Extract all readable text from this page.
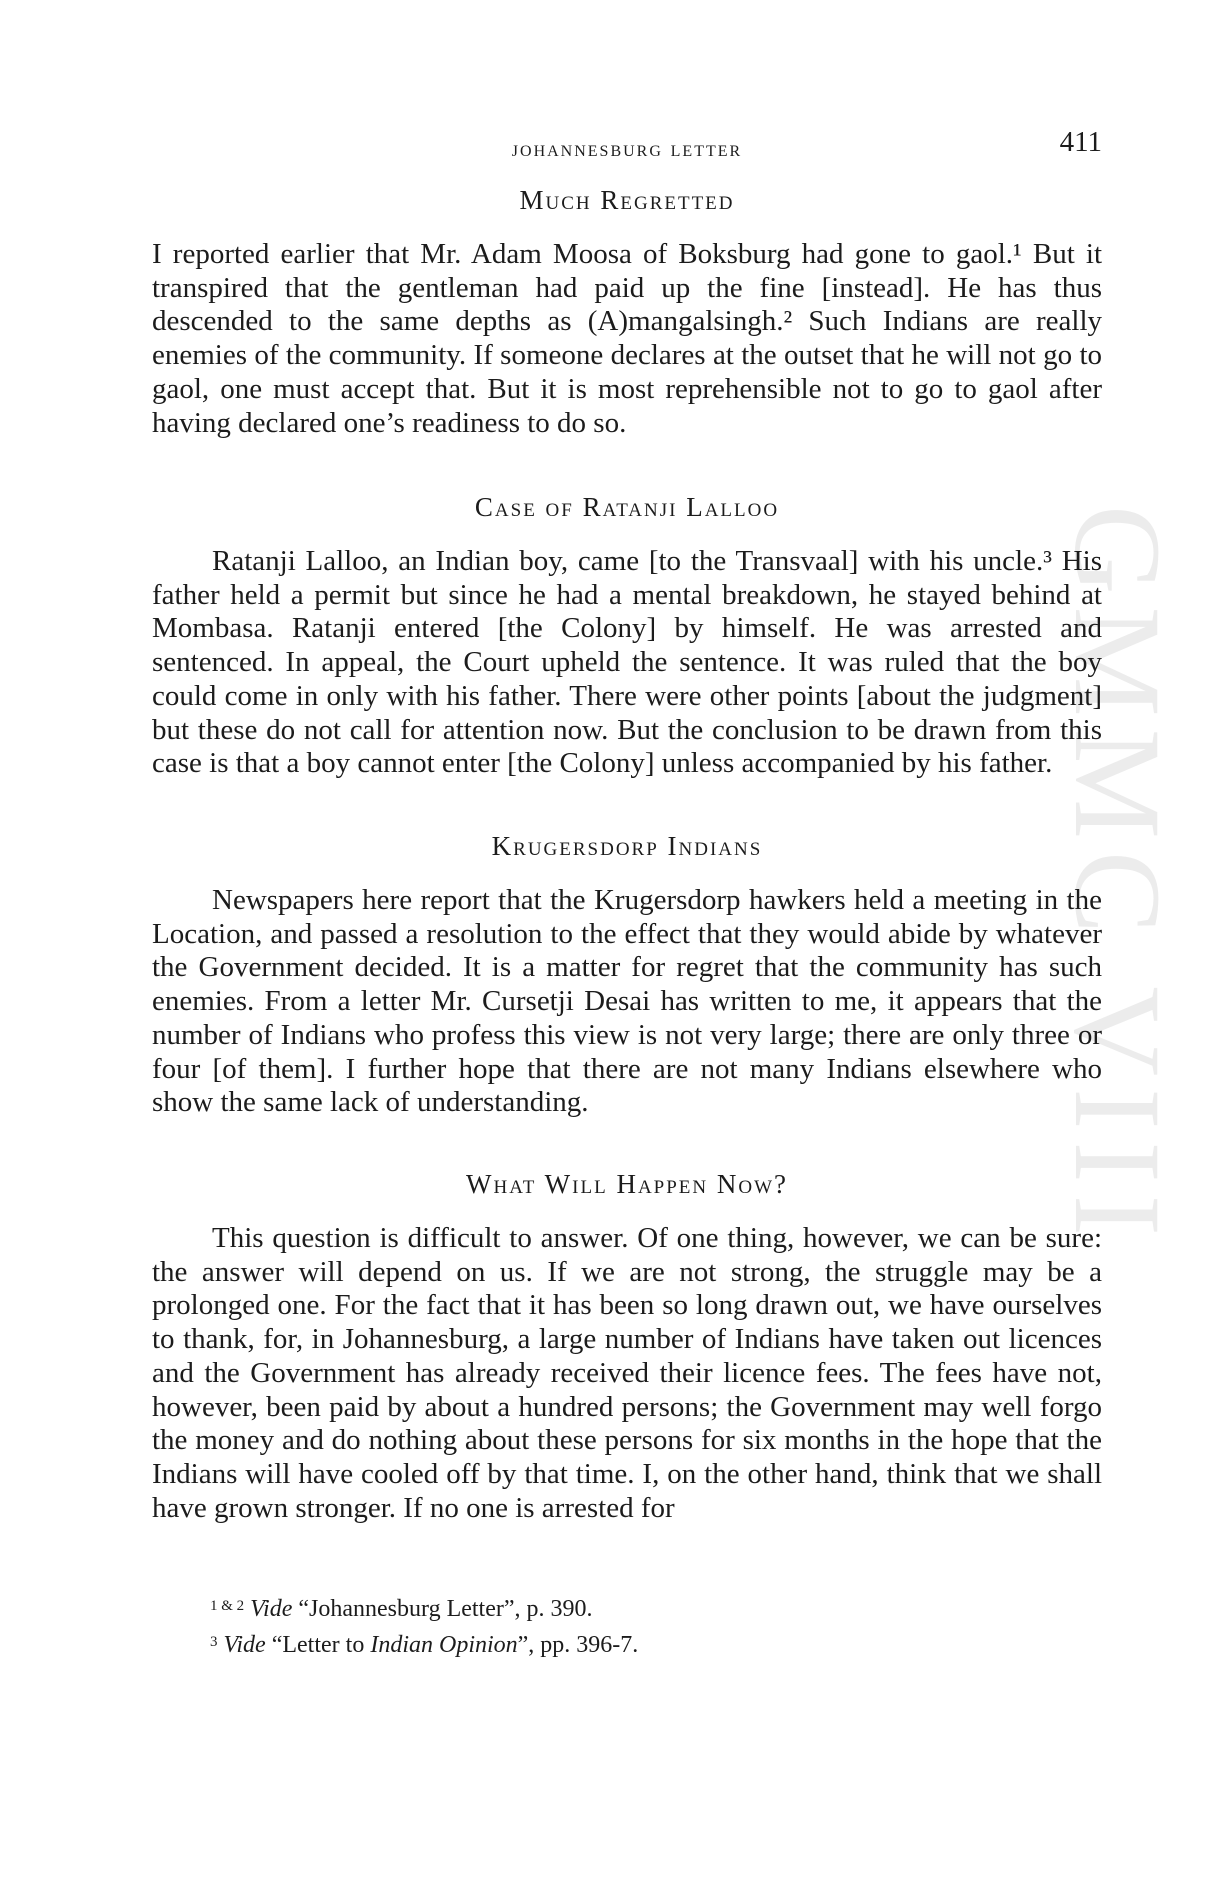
GMMC VIII
johannesburg letter	411
Much Regretted

I reported earlier that Mr. Adam Moosa of Boksburg had gone to gaol.¹ But it transpired that the gentleman had paid up the fine [instead]. He has thus descended to the same depths as (A)mangalsingh.² Such Indians are really enemies of the community. If someone declares at the outset that he will not go to gaol, one must accept that. But it is most reprehensible not to go to gaol after having declared one’s readiness to do so.

Case of Ratanji Lalloo

Ratanji Lalloo, an Indian boy, came [to the Transvaal] with his uncle.³ His father held a permit but since he had a mental breakdown, he stayed behind at Mombasa. Ratanji entered [the Colony] by himself. He was arrested and sentenced. In appeal, the Court upheld the sentence. It was ruled that the boy could come in only with his father. There were other points [about the judgment] but these do not call for attention now. But the conclusion to be drawn from this case is that a boy cannot enter [the Colony] unless accompanied by his father.

Krugersdorp Indians

Newspapers here report that the Krugersdorp hawkers held a meeting in the Location, and passed a resolution to the effect that they would abide by whatever the Government decided. It is a matter for regret that the community has such enemies. From a letter Mr. Cursetji Desai has written to me, it appears that the number of Indians who profess this view is not very large; there are only three or four [of them]. I further hope that there are not many Indians elsewhere who show the same lack of understanding.

What Will Happen Now?

This question is difficult to answer. Of one thing, however, we can be sure: the answer will depend on us. If we are not strong, the struggle may be a prolonged one. For the fact that it has been so long drawn out, we have ourselves to thank, for, in Johannesburg, a large number of Indians have taken out licences and the Government has already received their licence fees. The fees have not, however, been paid by about a hundred persons; the Government may well forgo the money and do nothing about these persons for six months in the hope that the Indians will have cooled off by that time. I, on the other hand, think that we shall have grown stronger. If no one is arrested for

$^{1 \& 2}$ Vide “Johannesburg Letter”, p. 390.
$^3$ Vide “Letter to Indian Opinion”, pp. 396-7.
